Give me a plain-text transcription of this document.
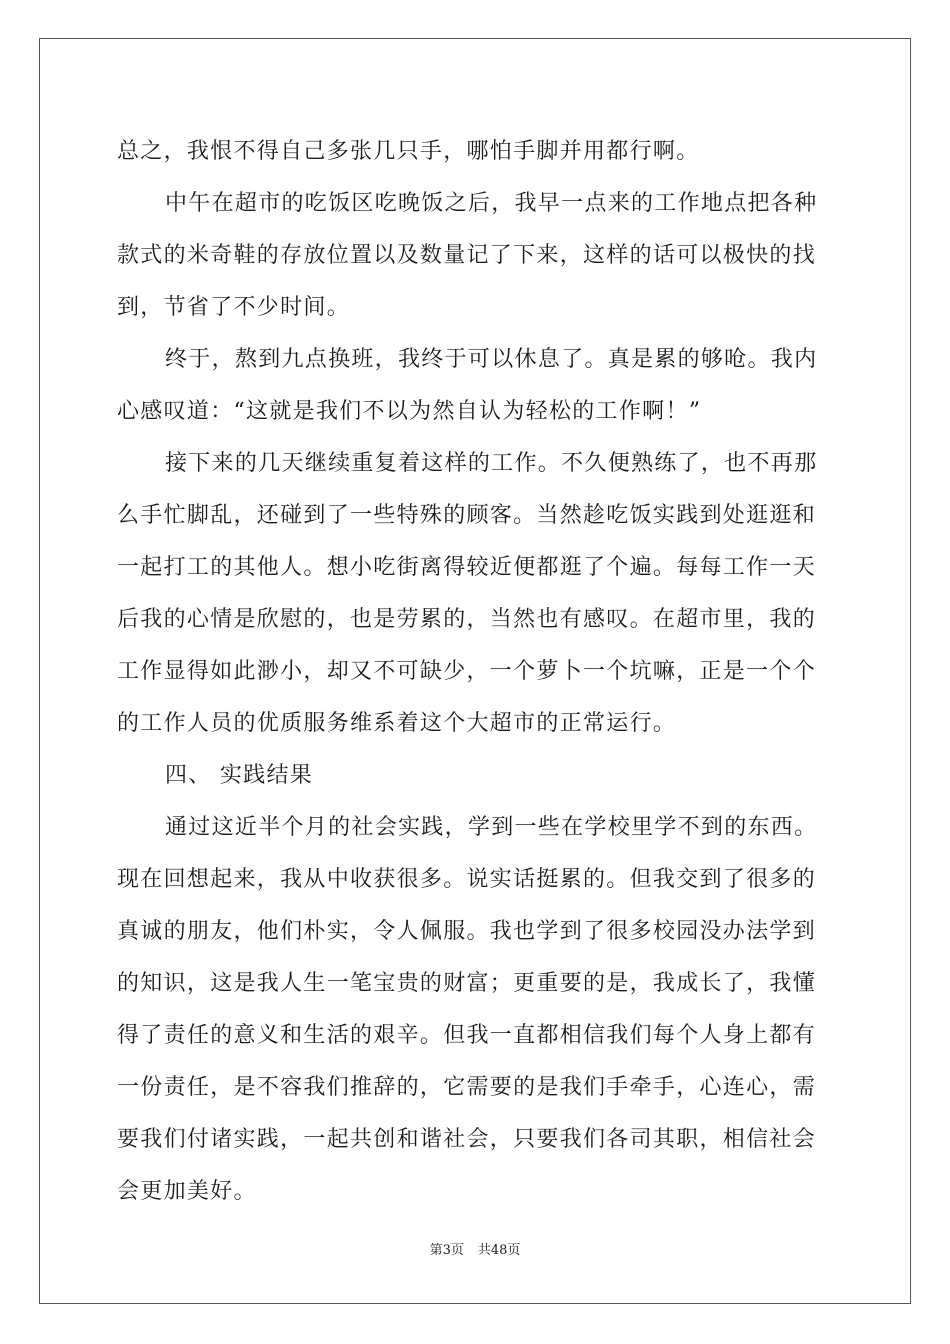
总之，我恨不得自己多张几只手，哪怕手脚并用都行啊。
中午在超市的吃饭区吃晚饭之后，我早一点来的工作地点把各种
款式的米奇鞋的存放位置以及数量记了下来，这样的话可以极快的找
到，节省了不少时间。
终于，熬到九点换班，我终于可以休息了。真是累的够呛。我内
心感叹道：“这就是我们不以为然自认为轻松的工作啊！”
接下来的几天继续重复着这样的工作。不久便熟练了，也不再那
么手忙脚乱，还碰到了一些特殊的顾客。当然趁吃饭实践到处逛逛和
一起打工的其他人。想小吃街离得较近便都逛了个遍。每每工作一天
后我的心情是欣慰的，也是劳累的，当然也有感叹。在超市里，我的
工作显得如此渺小，却又不可缺少，一个萝卜一个坑嘛，正是一个个
的工作人员的优质服务维系着这个大超市的正常运行。
四、 实践结果
通过这近半个月的社会实践，学到一些在学校里学不到的东西。
现在回想起来，我从中收获很多。说实话挺累的。但我交到了很多的
真诚的朋友，他们朴实，令人佩服。我也学到了很多校园没办法学到
的知识，这是我人生一笔宝贵的财富；更重要的是，我成长了，我懂
得了责任的意义和生活的艰辛。但我一直都相信我们每个人身上都有
一份责任，是不容我们推辞的，它需要的是我们手牵手，心连心，需
要我们付诸实践，一起共创和谐社会，只要我们各司其职，相信社会
会更加美好。
第3页 共48页
